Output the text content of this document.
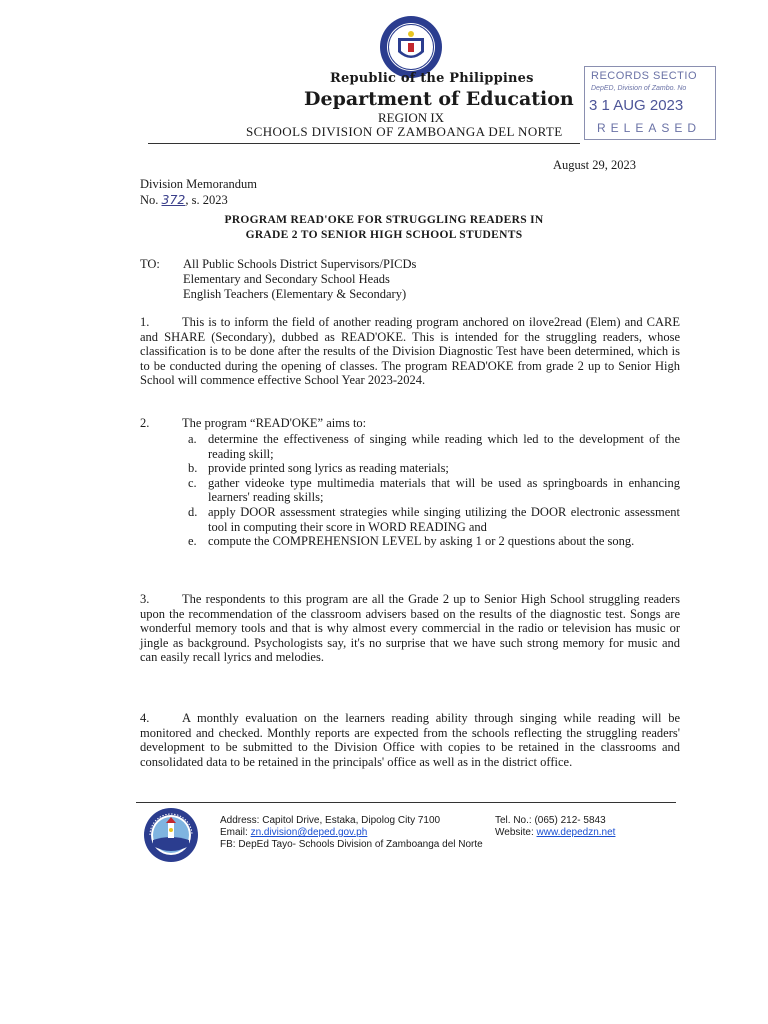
Republic of the Philippines
Department of Education
REGION IX
SCHOOLS DIVISION OF ZAMBOANGA DEL NORTE
RECORDS SECTIO
DepED, Division of Zambo. No
3 1 AUG 2023
RELEASED
August 29, 2023
Division Memorandum
No. 372, s. 2023
PROGRAM READ'OKE FOR STRUGGLING READERS IN
GRADE 2 TO SENIOR HIGH SCHOOL STUDENTS
TO: All Public Schools District Supervisors/PICDs
Elementary and Secondary School Heads
English Teachers (Elementary & Secondary)
1.	This is to inform the field of another reading program anchored on ilove2read (Elem) and CARE and SHARE (Secondary), dubbed as READ'OKE. This is intended for the struggling readers, whose classification is to be done after the results of the Division Diagnostic Test have been determined, which is to be conducted during the opening of classes. The program READ'OKE from grade 2 up to Senior High School will commence effective School Year 2023-2024.
2.	The program “READ'OKE” aims to:
a. determine the effectiveness of singing while reading which led to the development of the reading skill;
b. provide printed song lyrics as reading materials;
c. gather videoke type multimedia materials that will be used as springboards in enhancing learners' reading skills;
d. apply DOOR assessment strategies while singing utilizing the DOOR electronic assessment tool in computing their score in WORD READING and
e. compute the COMPREHENSION LEVEL by asking 1 or 2 questions about the song.
3.	The respondents to this program are all the Grade 2 up to Senior High School struggling readers upon the recommendation of the classroom advisers based on the results of the diagnostic test. Songs are wonderful memory tools and that is why almost every commercial in the radio or television has music or jingle as background. Psychologists say, it's no surprise that we have such strong memory for music and can easily recall lyrics and melodies.
4.	A monthly evaluation on the learners reading ability through singing while reading will be monitored and checked. Monthly reports are expected from the schools reflecting the struggling readers' development to be submitted to the Division Office with copies to be retained in the classrooms and consolidated data to be retained in the principals' office as well as in the district office.
Address: Capitol Drive, Estaka, Dipolog City 7100
Email: zn.division@deped.gov.ph
FB: DepEd Tayo- Schools Division of Zamboanga del Norte
Tel. No.: (065) 212- 5843
Website: www.depedzn.net
